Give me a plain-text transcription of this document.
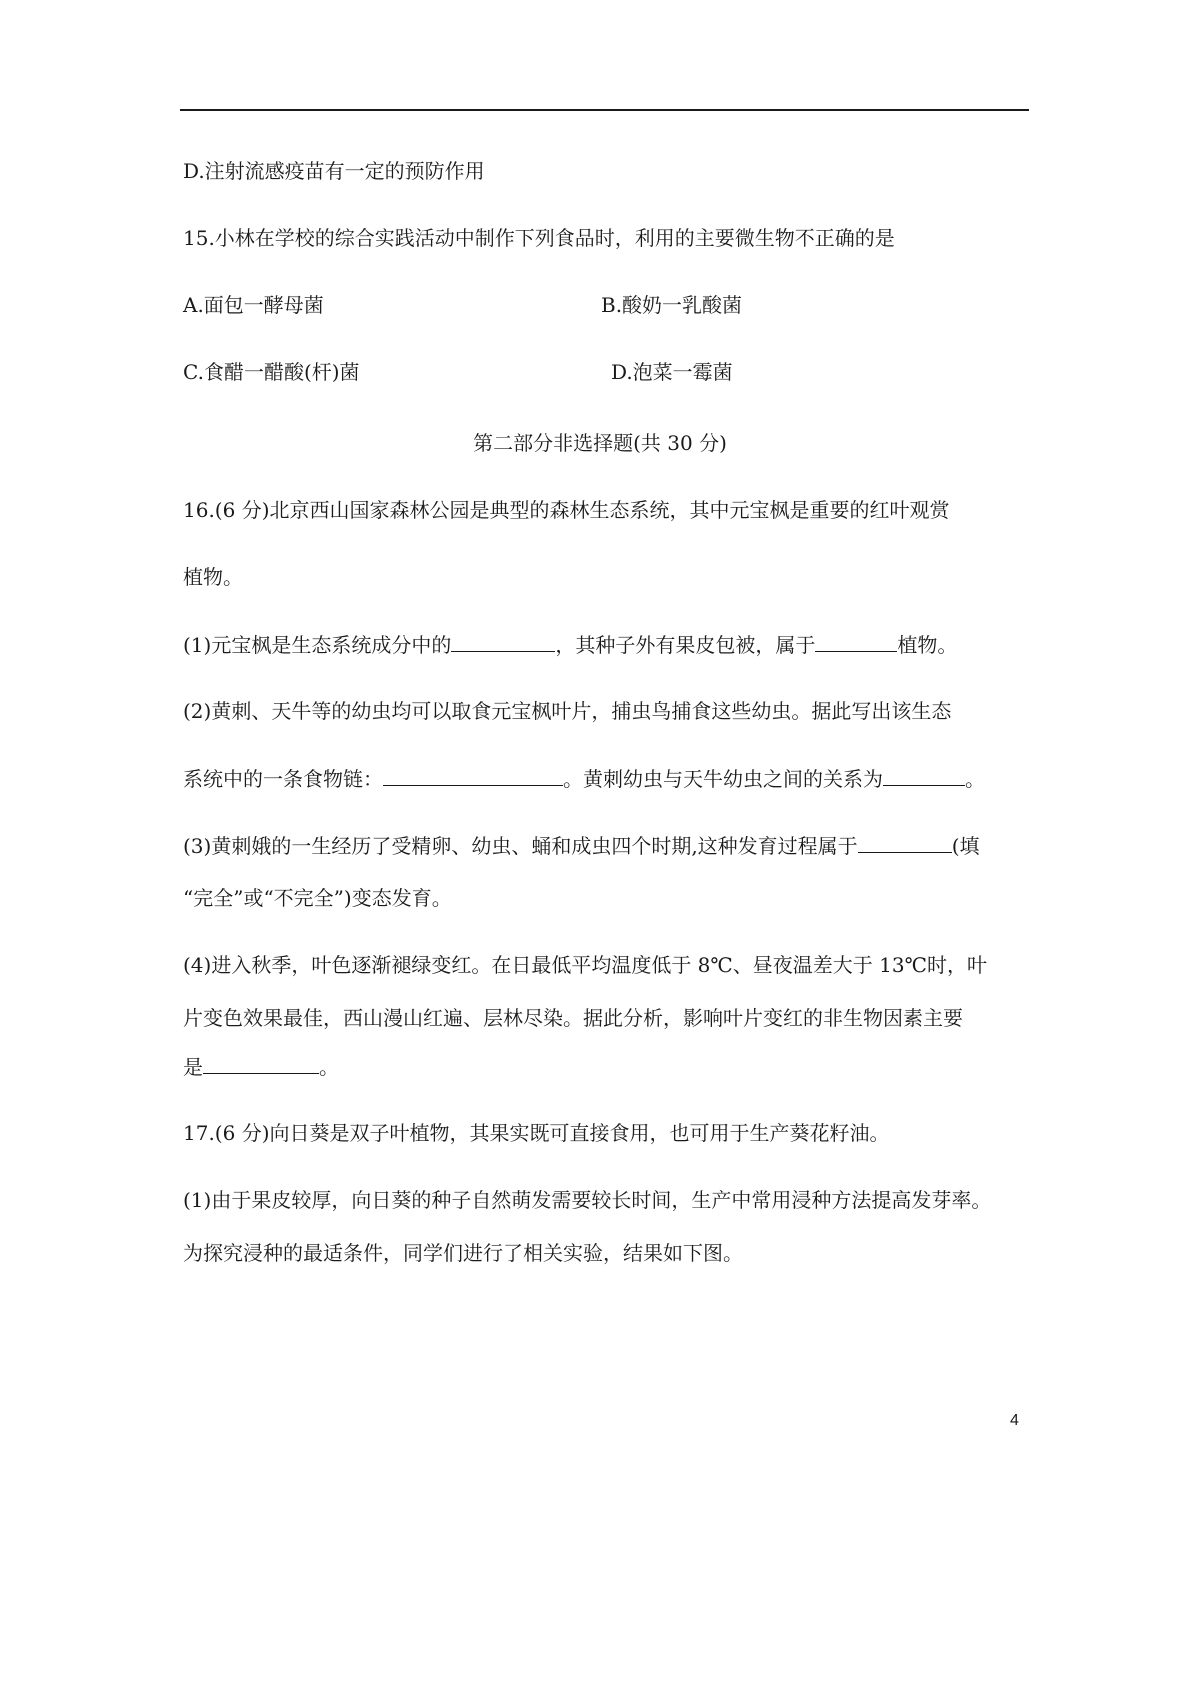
D.注射流感疫苗有一定的预防作用
15.小林在学校的综合实践活动中制作下列食品时，利用的主要微生物不正确的是
A.面包一酵母菌	B.酸奶一乳酸菌
C.食醋一醋酸(杆)菌	D.泡菜一霉菌
第二部分非选择题(共 30 分)
16.(6 分)北京西山国家森林公园是典型的森林生态系统，其中元宝枫是重要的红叶观赏
植物。
(1)元宝枫是生态系统成分中的	，其种子外有果皮包被，属于	植物。
(2)黄刺、天牛等的幼虫均可以取食元宝枫叶片，捕虫鸟捕食这些幼虫。据此写出该生态
系统中的一条食物链：	。黄刺幼虫与天牛幼虫之间的关系为	。
(3)黄刺娥的一生经历了受精卵、幼虫、蛹和成虫四个时期,这种发育过程属于	(填
“完全”或“不完全”)变态发育。
(4)进入秋季，叶色逐渐褪绿变红。在日最低平均温度低于 8℃、昼夜温差大于 13℃时，叶
片变色效果最佳，西山漫山红遍、层林尽染。据此分析，影响叶片变红的非生物因素主要
是	。
17.(6 分)向日葵是双子叶植物，其果实既可直接食用，也可用于生产葵花籽油。
(1)由于果皮较厚，向日葵的种子自然萌发需要较长时间，生产中常用浸种方法提高发芽率。
为探究浸种的最适条件，同学们进行了相关实验，结果如下图。
4
